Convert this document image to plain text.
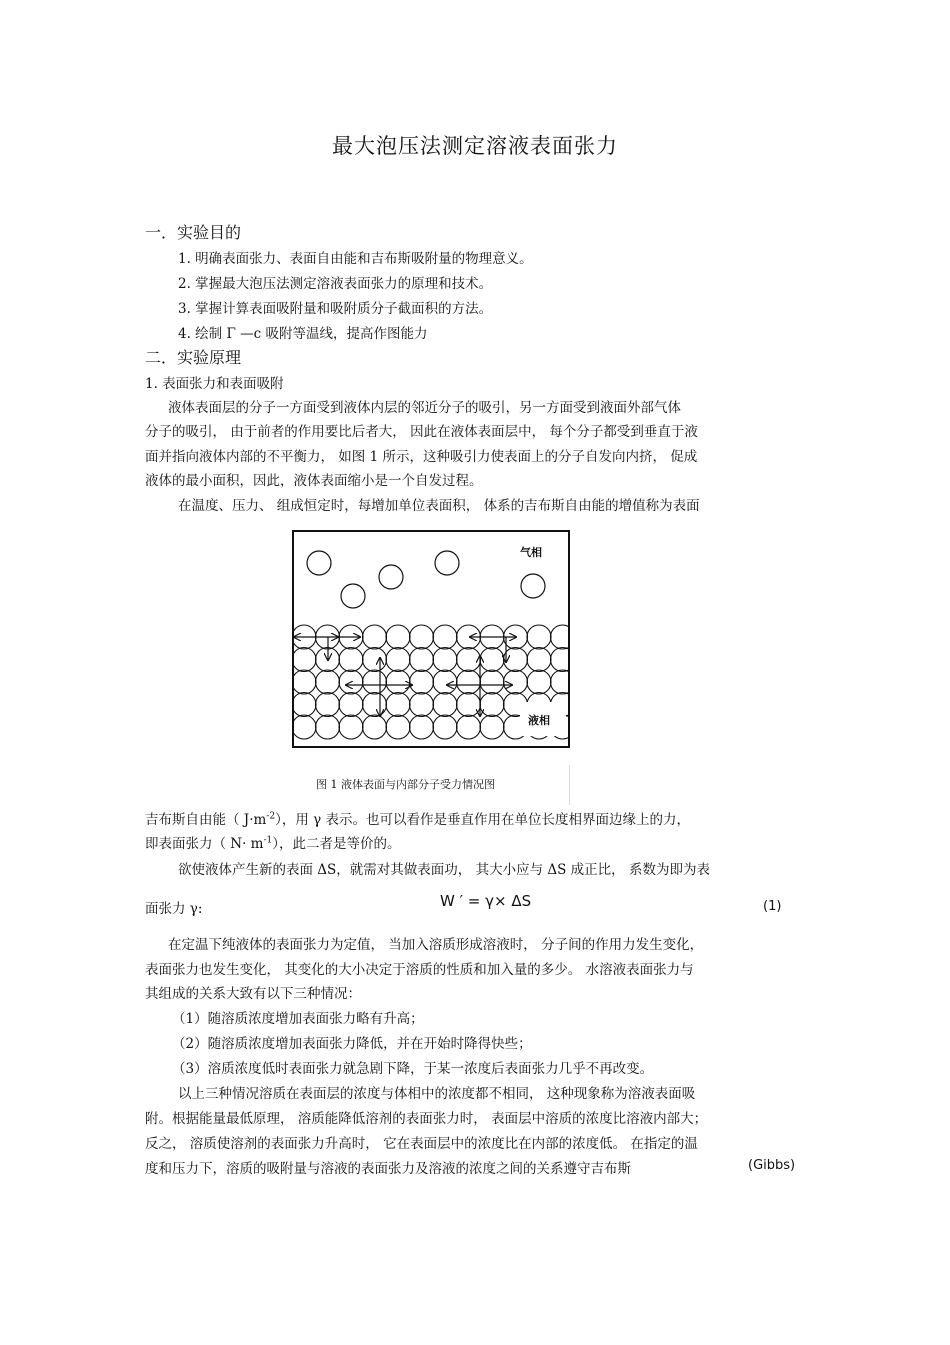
最大泡压法测定溶液表面张力
一．实验目的
1. 明确表面张力、表面自由能和吉布斯吸附量的物理意义。
2. 掌握最大泡压法测定溶液表面张力的原理和技术。
3. 掌握计算表面吸附量和吸附质分子截面积的方法。
4. 绘制 Γ —c 吸附等温线，提高作图能力
二．实验原理
1. 表面张力和表面吸附
液体表面层的分子一方面受到液体内层的邻近分子的吸引，另一方面受到液面外部气体
分子的吸引， 由于前者的作用要比后者大， 因此在液体表面层中， 每个分子都受到垂直于液
面并指向液体内部的不平衡力， 如图 1 所示，这种吸引力使表面上的分子自发向内挤， 促成
液体的最小面积，因此，液体表面缩小是一个自发过程。
在温度、压力、 组成恒定时，每增加单位表面积， 体系的吉布斯自由能的增值称为表面
气相
液相
图 1 液体表面与内部分子受力情况图
吉布斯自由能（ $J\cdot m^{-2}$），用 γ 表示。也可以看作是垂直作用在单位长度相界面边缘上的力，
即表面张力（ $N\cdot m^{-1}$），此二者是等价的。
欲使液体产生新的表面 ΔS，就需对其做表面功， 其大小应与 ΔS 成正比， 系数为即为表
面张力 γ:	W ′ = γ× ΔS	(1)
在定温下纯液体的表面张力为定值， 当加入溶质形成溶液时， 分子间的作用力发生变化，
表面张力也发生变化， 其变化的大小决定于溶质的性质和加入量的多少。 水溶液表面张力与
其组成的关系大致有以下三种情况：
（1）随溶质浓度增加表面张力略有升高；
（2）随溶质浓度增加表面张力降低，并在开始时降得快些；
（3）溶质浓度低时表面张力就急剧下降，于某一浓度后表面张力几乎不再改变。
以上三种情况溶质在表面层的浓度与体相中的浓度都不相同， 这种现象称为溶液表面吸
附。根据能量最低原理， 溶质能降低溶剂的表面张力时， 表面层中溶质的浓度比溶液内部大；
反之， 溶质使溶剂的表面张力升高时， 它在表面层中的浓度比在内部的浓度低。 在指定的温
度和压力下，溶质的吸附量与溶液的表面张力及溶液的浓度之间的关系遵守吉布斯	(Gibbs)
